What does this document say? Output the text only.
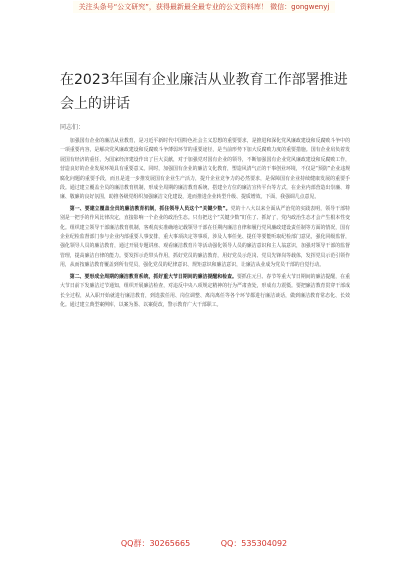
关注头条号“公文研究”，获得最新最全最专业的公文资料库！ 微信：gongwenyj
在2023年国有企业廉洁从业教育工作部署推进会上的讲话
同志们：

加强国有企业的廉洁从业教育，是习近平新时代中国特色社会主义思想的重要要求，是推进和深化党风廉政建设和反腐败斗争中的一项重要内容，是解决党风廉政建设和反腐败斗争薄弱环节的重要途径，是当前形势下加大反腐败力度的重要措施。国有企业肩负着发展国有经济的重任，为国家经济建设作出了巨大贡献，对于加强党对国有企业的领导，不断加强国有企业党风廉政建设和反腐败工作，营造良好的企业发展环境具有重要意义。同时，加强国有企业的廉洁文化教育，塑造风清气正的干事创业环境，不仅是“预防”企业违规腐化问题的重要手段，而且是进一步推发展国有企业生产活力，提升企业竞争力的必然要求，是保障国有企业持续健康发展的重要手段。通过建立覆盖全员的廉洁教育机制，形成全周期的廉洁教育系统，搭建全方位的廉洁宣传平台等方式，在企业内部营造出崇廉、尊廉、敬廉的良好氛围，助推各级党组织加强廉洁文化建设，进而推进企业转型升级、提质增效。下面，我强调几点意见。

第一、要建立覆盖全员的廉洁教育机制，抓住领导人员这个“关键少数”。党的十八大以来全面从严治党的实践表明，领导干部特别是一把手的作风比律决定，直接影响一个企业的政治生态。只有把这个“关键少数”盯住了、抓好了，党内政治生态才会产生根本性变化。组织建立领导干部廉洁教育机制，客观真实准确地记载领导干部在任期内廉洁自律和履行党风廉政建设责任制等方面的情况，国有企业纪检监督部门参与企业内部重要人事安排，重大事项决定等事项，涉及人事任免、提任等要能听取纪检部门意见，强化同级监督，强化领导人员的廉洁教育，通过开展专题讲座、观看廉洁教育片等活动强化领导人员的廉洁意识和主人翁意识，加强对领导干部的监督管理，提高廉洁自律的能力。要发挥示范带头作用，抓好党员的廉洁教育，用好党员示范岗、党员先锋岗等载体，发挥党员示范引领作用，从而按廉洁教育覆盖到所有党员，强化党员的纪律意识、规矩意识和廉洁意识，让廉洁从业成为党员干部的自觉行动。

第二、要形成全周期的廉洁教育系统，抓好重大节日期间的廉洁提醒和检查。要抓住元旦、春节等重大节日期间的廉洁提醒，在重大节日前下发廉洁过节通知，组织开展廉洁检查，对违反中央八项规定精神的行为严肃查处，形成有力震慑。要把廉洁教育贯穿干部成长全过程，从入职开始就进行廉洁教育，到选拔任用、岗位调整、离岗离任等各个环节都进行廉洁谈话，做到廉洁教育常态化、长效化。通过建立典型案例库，以案为鉴、以案促改，警示教育广大干部职工。

QQ群：30265665	QQ：535304092
